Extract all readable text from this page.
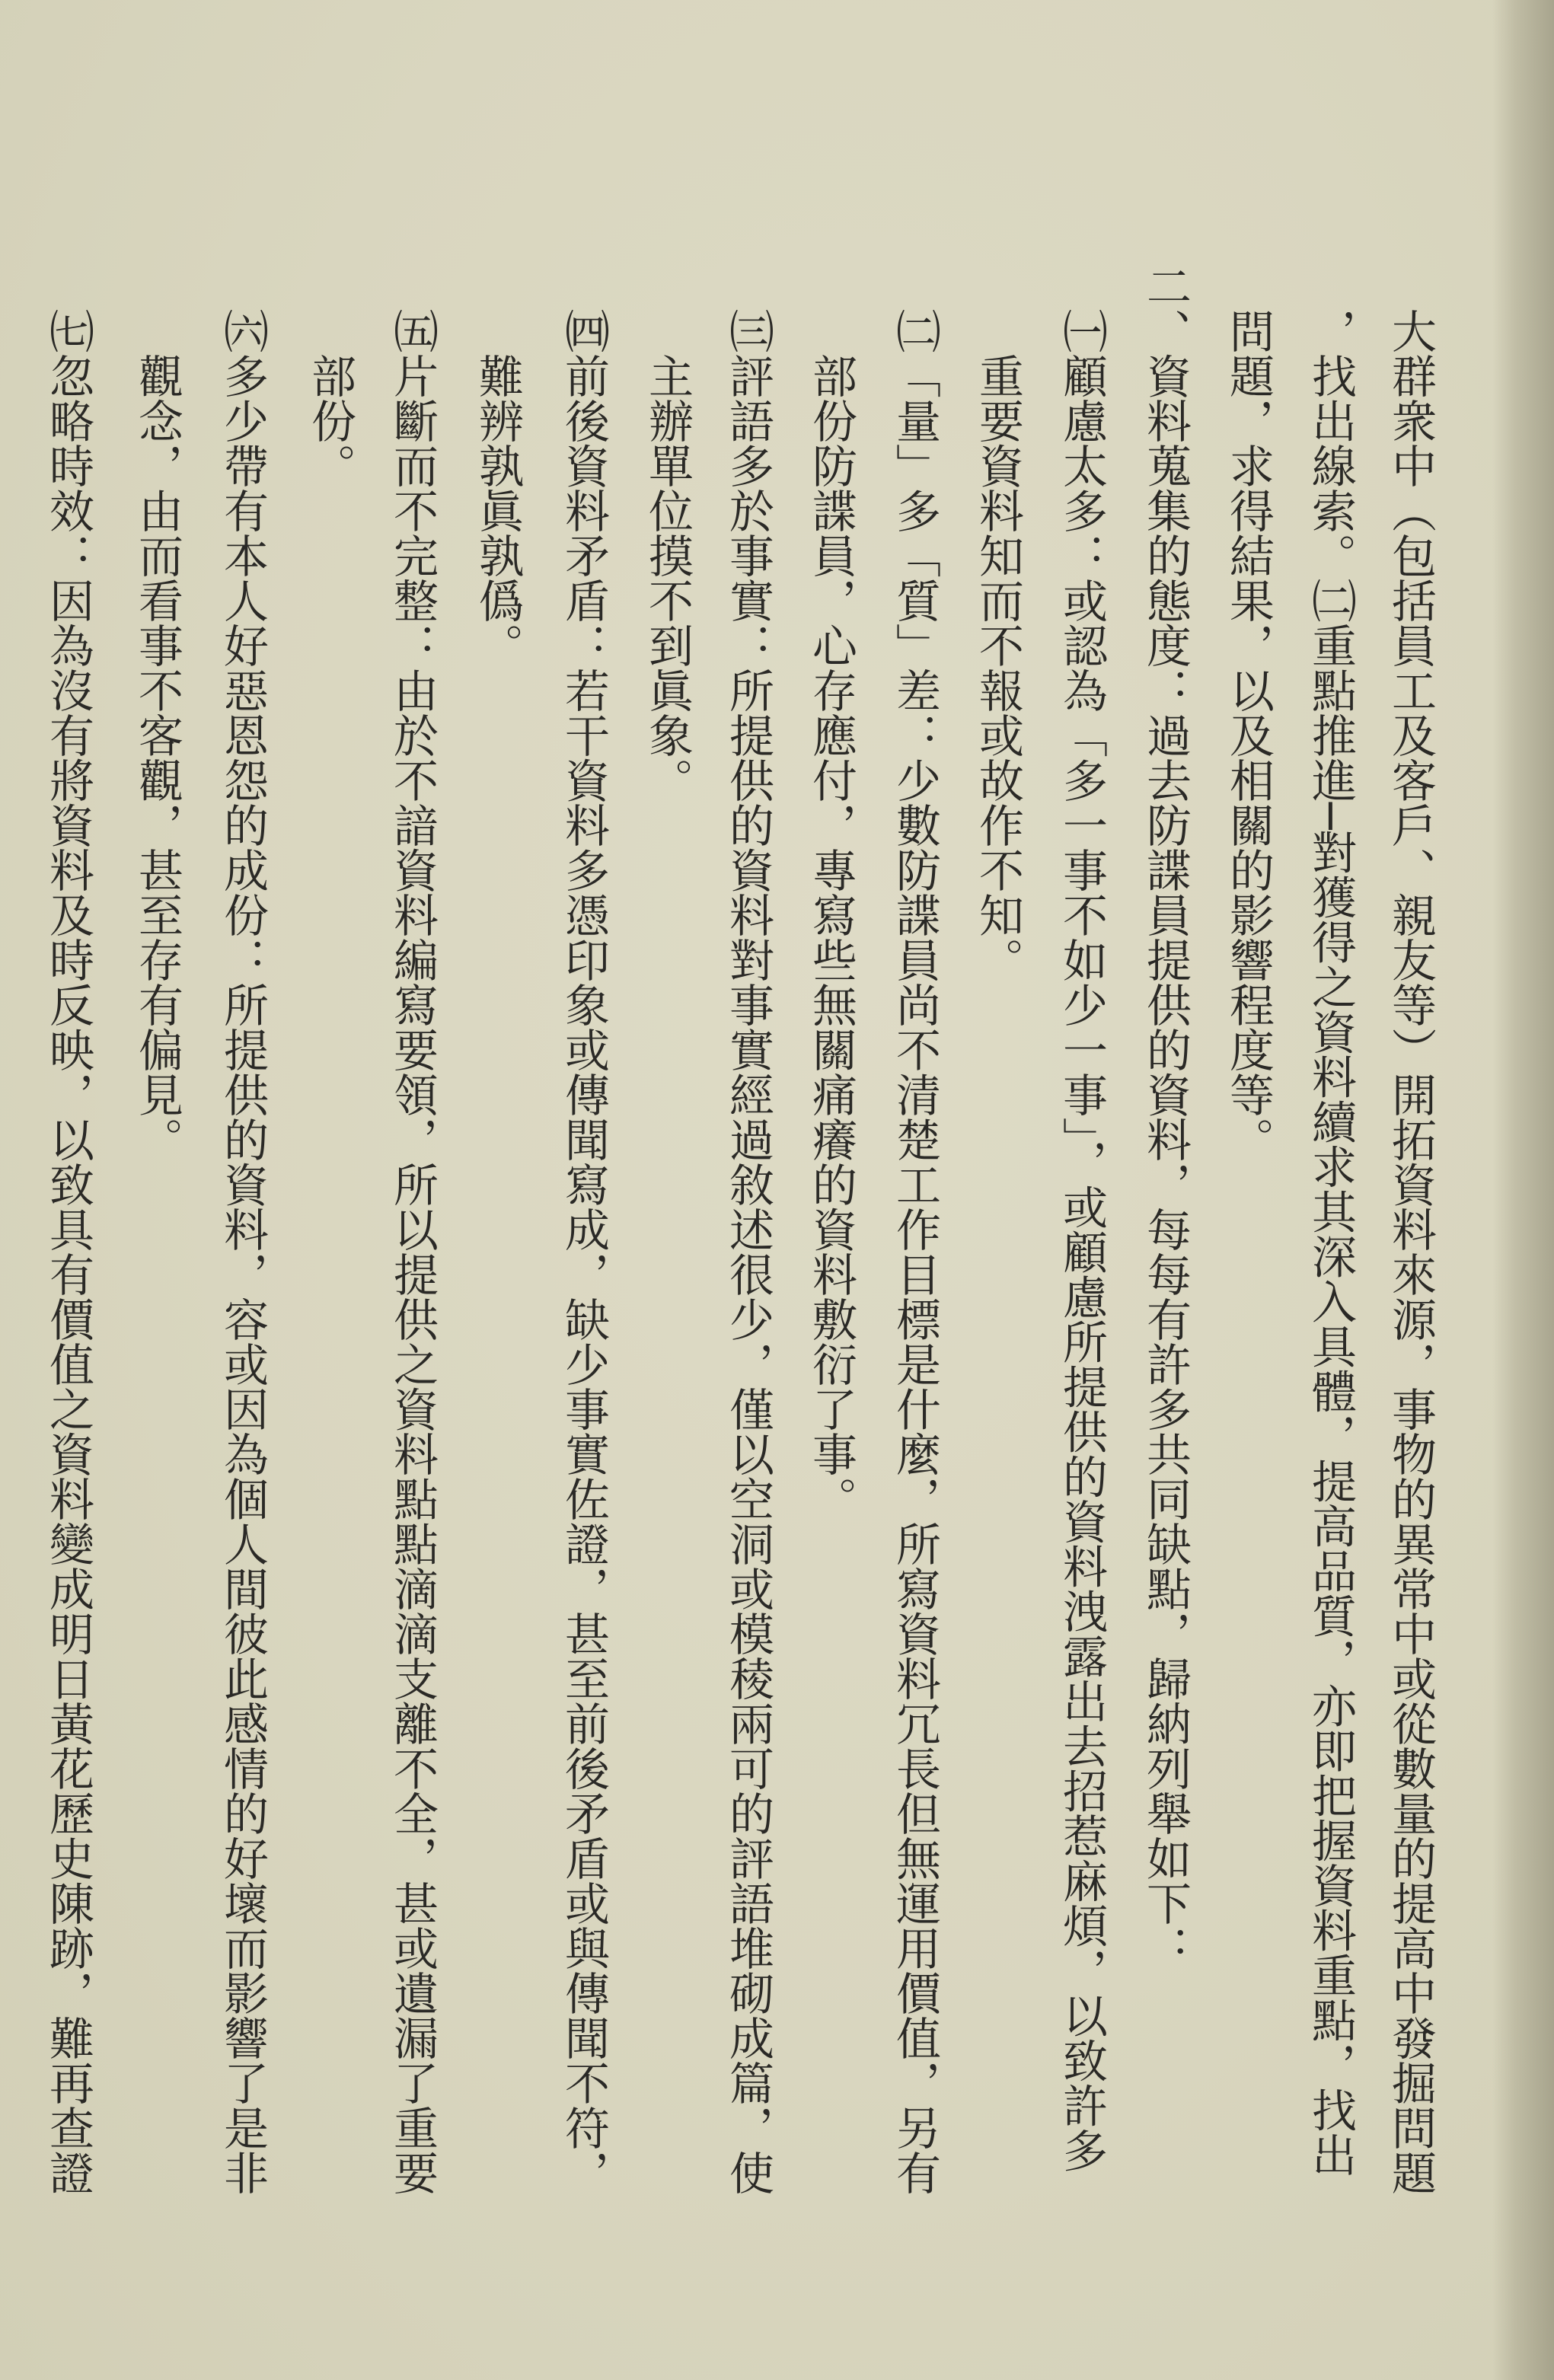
大群衆中（包括員工及客戶、親友等）開拓資料來源，事物的異常中或從數量的提高中發掘問題
，找出線索。㈡重點推進─對獲得之資料續求其深入具體，提高品質，亦即把握資料重點，找出
問題，求得結果，以及相關的影響程度等。
二、資料蒐集的態度：過去防諜員提供的資料，每每有許多共同缺點，歸納列舉如下：
㈠顧慮太多：或認為「多一事不如少一事」，或顧慮所提供的資料洩露出去招惹麻煩，以致許多
重要資料知而不報或故作不知。
㈡「量」多「質」差：少數防諜員尚不清楚工作目標是什麼，所寫資料冗長但無運用價值，另有
部份防諜員，心存應付，專寫些無關痛癢的資料敷衍了事。
㈢評語多於事實：所提供的資料對事實經過敘述很少，僅以空洞或模稜兩可的評語堆砌成篇，使
主辦單位摸不到眞象。
㈣前後資料矛盾：若干資料多憑印象或傳聞寫成，缺少事實佐證，甚至前後矛盾或與傳聞不符，
難辨孰眞孰僞。
㈤片斷而不完整：由於不諳資料編寫要領，所以提供之資料點點滴滴支離不全，甚或遺漏了重要
部份。
㈥多少帶有本人好惡恩怨的成份：所提供的資料，容或因為個人間彼此感情的好壞而影響了是非
觀念，由而看事不客觀，甚至存有偏見。
㈦忽略時效：因為沒有將資料及時反映，以致具有價值之資料變成明日黃花歷史陳跡，難再查證
